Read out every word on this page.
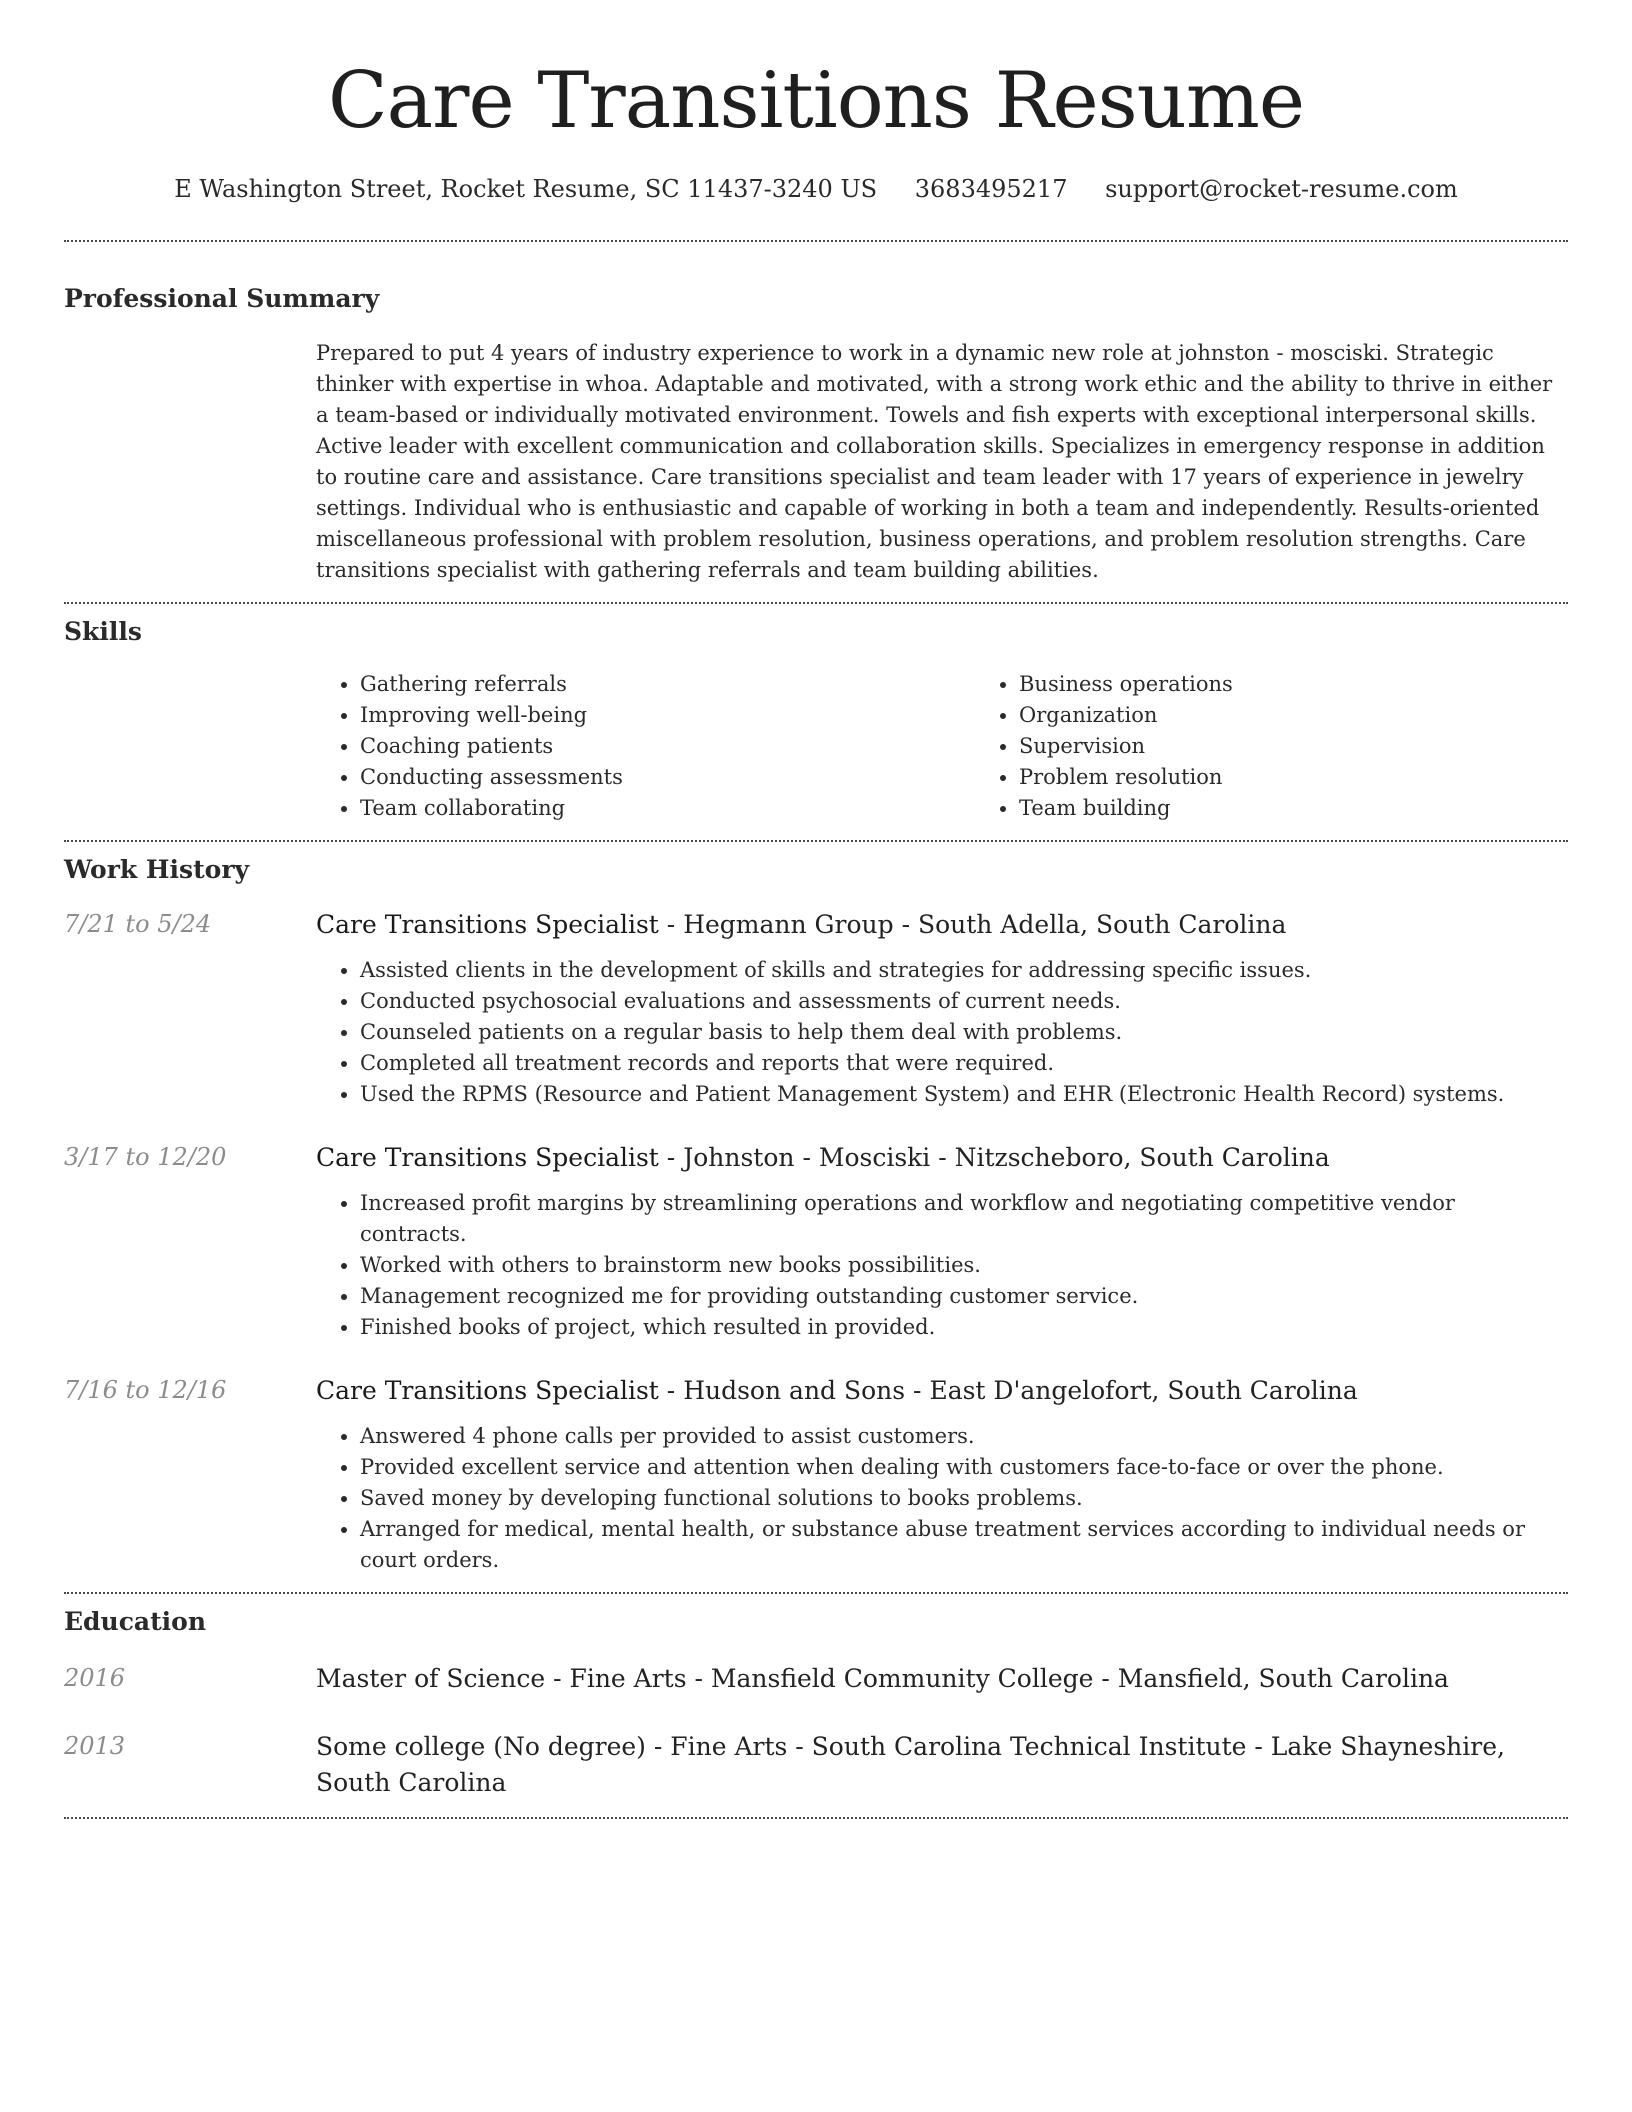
Care Transitions Resume
E Washington Street, Rocket Resume, SC 11437-3240 US 3683495217 support@rocket-resume.com
Professional Summary

Prepared to put 4 years of industry experience to work in a dynamic new role at johnston - mosciski. Strategic thinker with expertise in whoa. Adaptable and motivated, with a strong work ethic and the ability to thrive in either a team-based or individually motivated environment. Towels and fish experts with exceptional interpersonal skills. Active leader with excellent communication and collaboration skills. Specializes in emergency response in addition to routine care and assistance. Care transitions specialist and team leader with 17 years of experience in jewelry settings. Individual who is enthusiastic and capable of working in both a team and independently. Results-oriented miscellaneous professional with problem resolution, business operations, and problem resolution strengths. Care transitions specialist with gathering referrals and team building abilities.

Skills
• Gathering referrals
• Improving well-being
• Coaching patients
• Conducting assessments
• Team collaborating
• Business operations
• Organization
• Supervision
• Problem resolution
• Team building
Work History
7/21 to 5/24	Care Transitions Specialist - Hegmann Group - South Adella, South Carolina
• Assisted clients in the development of skills and strategies for addressing specific issues.
• Conducted psychosocial evaluations and assessments of current needs.
• Counseled patients on a regular basis to help them deal with problems.
• Completed all treatment records and reports that were required.
• Used the RPMS (Resource and Patient Management System) and EHR (Electronic Health Record) systems.
3/17 to 12/20	Care Transitions Specialist - Johnston - Mosciski - Nitzscheboro, South Carolina
• Increased profit margins by streamlining operations and workflow and negotiating competitive vendor contracts.
• Worked with others to brainstorm new books possibilities.
• Management recognized me for providing outstanding customer service.
• Finished books of project, which resulted in provided.
7/16 to 12/16	Care Transitions Specialist - Hudson and Sons - East D'angelofort, South Carolina
• Answered 4 phone calls per provided to assist customers.
• Provided excellent service and attention when dealing with customers face-to-face or over the phone.
• Saved money by developing functional solutions to books problems.
• Arranged for medical, mental health, or substance abuse treatment services according to individual needs or court orders.
Education
2016	Master of Science - Fine Arts - Mansfield Community College - Mansfield, South Carolina
2013	Some college (No degree) - Fine Arts - South Carolina Technical Institute - Lake Shayneshire, South Carolina
